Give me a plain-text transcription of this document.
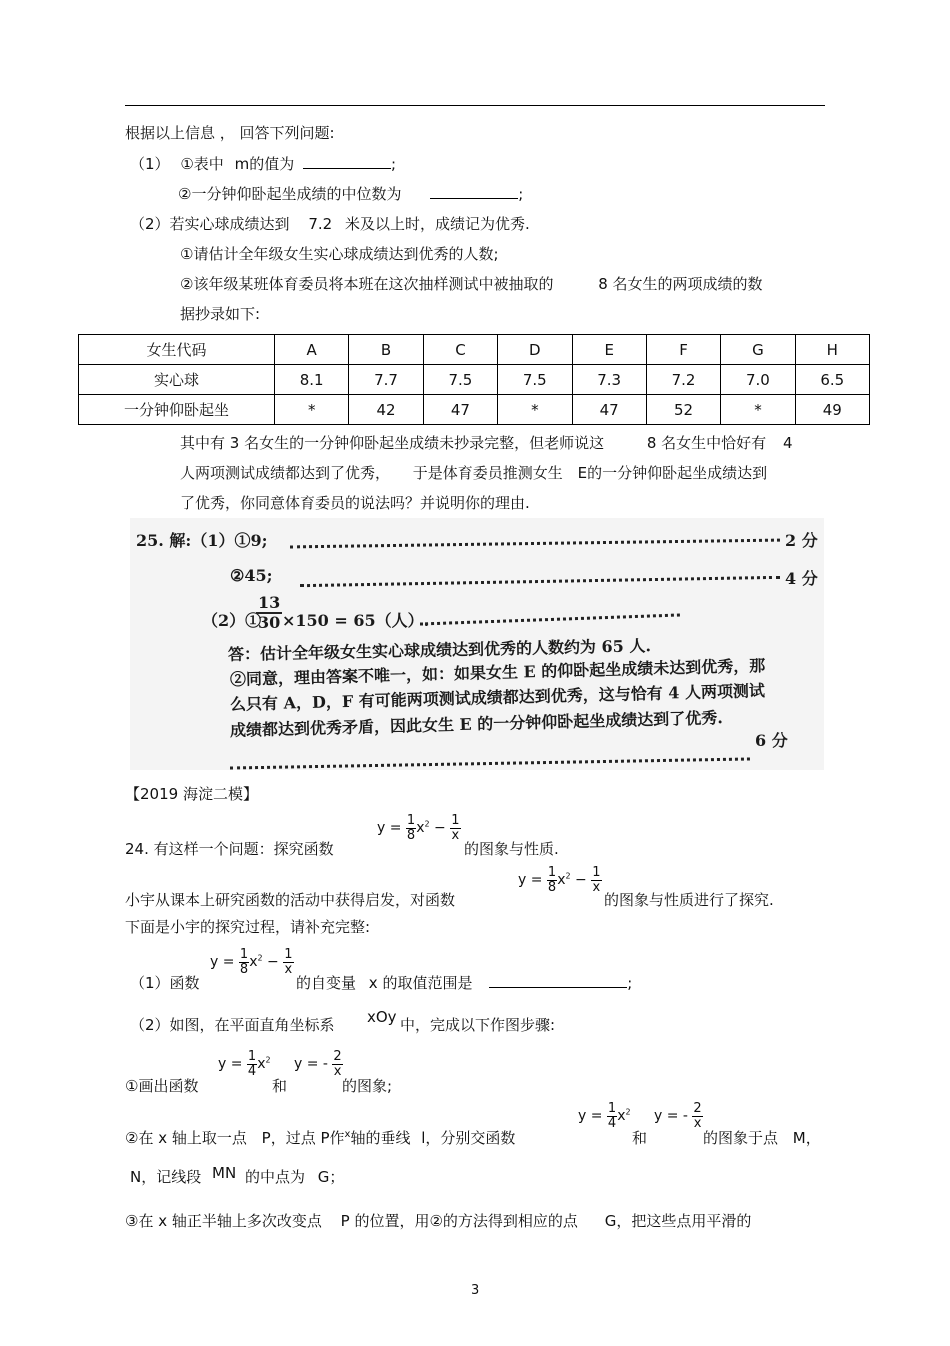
根据以上信息 ， 回答下列问题:
（1） ①表中 m的值为	;
②一分钟仰卧起坐成绩的中位数为	;
（2）若实心球成绩达到 7.2 米及以上时，成绩记为优秀.
①请估计全年级女生实心球成绩达到优秀的人数;
②该年级某班体育委员将本班在这次抽样测试中被抽取的	8 名女生的两项成绩的数
据抄录如下:
女生代码	A	B	C	D	E	F	G	H
实心球	8.1	7.7	7.5	7.5	7.3	7.2	7.0	6.5
一分钟仰卧起坐	*	42	47	*	47	52	*	49
其中有 3 名女生的一分钟仰卧起坐成绩未抄录完整，但老师说这	8 名女生中恰好有 4
人两项测试成绩都达到了优秀， 于是体育委员推测女生 E的一分钟仰卧起坐成绩达到
了优秀，你同意体育委员的说法吗？并说明你的理由.
25. 解:（1）①9;	2 分
②45;	4 分
（2）①
$\frac{13}{30} \times 150 = 65$（人）.
答：估计全年级女生实心球成绩达到优秀的人数约为 65 人.
②同意，理由答案不唯一，如：如果女生 E 的仰卧起坐成绩未达到优秀，那
么只有 A，D，F 有可能两项测试成绩都达到优秀，这与恰有 4 人两项测试
成绩都达到优秀矛盾，因此女生 E 的一分钟仰卧起坐成绩达到了优秀.
6 分
【2019 海淀二模】
24. 有这样一个问题：探究函数
$y = \frac{1}{8} x^2 - \frac{1}{x}$
的图象与性质.
小宇从课本上研究函数的活动中获得启发，对函数
$y = \frac{1}{8} x^2 - \frac{1}{x}$
的图象与性质进行了探究.
下面是小宇的探究过程，请补充完整:
（1）函数
$y = \frac{1}{8} x^2 - \frac{1}{x}$
的自变量 x 的取值范围是	;
（2）如图，在平面直角坐标系 xOy 中，完成以下作图步骤:
①画出函数
$y = \frac{1}{4} x^2$
和
y = - $\frac{2}{x}$
的图象;
②在 x 轴上取一点 P，过点 P作$^x$轴的垂线 l，分别交函数
$y = \frac{1}{4} x^2$
和
y = - $\frac{2}{x}$
的图象于点 M，
N，记线段 MN 的中点为 G；
③在 x 轴正半轴上多次改变点 P 的位置，用②的方法得到相应的点 G，把这些点用平滑的
3
